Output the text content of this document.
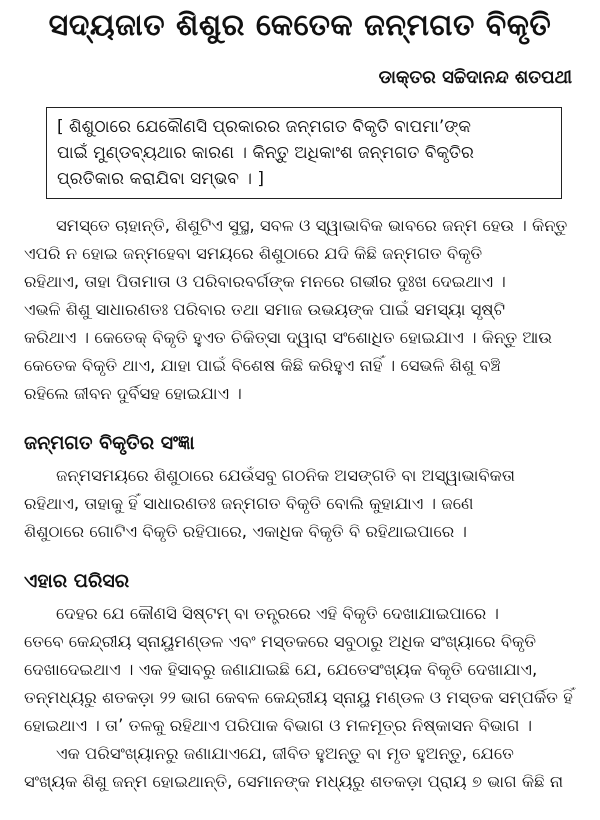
ସଦ୍ୟଜାତ ଶିଶୁର କେତେକ ଜନ୍ମଗତ ବିକୃତି
ଡାକ୍ତର ସଚ୍ଚିଦାନନ୍ଦ ଶତପଥୀ
[ ଶିଶୁଠାରେ ଯେକୌଣସି ପ୍ରକାରର ଜନ୍ମଗତ ବିକୃତି ବାପମା’ଙ୍କ
ପାଇଁ ମୁଣ୍ଡବ୍ୟଥାର କାରଣ । କିନ୍ତୁ ଅଧିକାଂଶ ଜନ୍ମଗତ ବିକୃତିର
ପ୍ରତିକାର କରାଯିବା ସମ୍ଭବ । ]
ସମସ୍ତେ ଚାହାନ୍ତି, ଶିଶୁଟିଏ ସୁସ୍ଥ, ସବଳ ଓ ସ୍ୱାଭାବିକ ଭାବରେ ଜନ୍ମ ହେଉ । କିନ୍ତୁ
ଏପରି ନ ହୋଇ ଜନ୍ମହେବା ସମୟରେ ଶିଶୁଠାରେ ଯଦି କିଛି ଜନ୍ମଗତ ବିକୃତି
ରହିଥାଏ, ତାହା ପିତାମାତା ଓ ପରିବାରବର୍ଗଙ୍କ ମନରେ ଗଭୀର ଦୁଃଖ ଦେଇଥାଏ ।
ଏଭଳି ଶିଶୁ ସାଧାରଣତଃ ପରିବାର ତଥା ସମାଜ ଉଭୟଙ୍କ ପାଇଁ ସମସ୍ୟା ସୃଷ୍ଟି
କରିଥାଏ । କେତେକ୍ ବିକୃତି ହୁଏତ ଚିକିତ୍ସା ଦ୍ୱାରା ସଂଶୋଧିତ ହୋଇଯାଏ । କିନ୍ତୁ ଆଉ
କେତେକ ବିକୃତି ଥାଏ, ଯାହା ପାଇଁ ବିଶେଷ କିଛି କରିହୁଏ ନାହିଁ । ସେଭଳି ଶିଶୁ ବଞ୍ଚି
ରହିଲେ ଜୀବନ ଦୁର୍ବିସହ ହୋଇଯାଏ ।
ଜନ୍ମଗତ ବିକୃତିର ସଂଜ୍ଞା
ଜନ୍ମସମୟରେ ଶିଶୁଠାରେ ଯେଉଁସବୁ ଗଠନିକ ଅସଙ୍ଗତି ବା ଅସ୍ୱାଭାବିକତା
ରହିଥାଏ, ତାହାକୁ ହିଁ ସାଧାରଣତଃ ଜନ୍ମଗତ ବିକୃତି ବୋଲି କୁହାଯାଏ । ଜଣେ
ଶିଶୁଠାରେ ଗୋଟିଏ ବିକୃତି ରହିପାରେ, ଏକାଧିକ ବିକୃତି ବି ରହିଥାଇପାରେ ।
ଏହାର ପରିସର
ଦେହର ଯେ କୌଣସି ସିଷ୍ଟମ୍ ବା ତନ୍ତ୍ରରେ ଏହି ବିକୃତି ଦେଖାଯାଇପାରେ ।
ତେବେ କେନ୍ଦ୍ରୀୟ ସ୍ନାୟୁମଣ୍ଡଳ ଏବଂ ମସ୍ତକରେ ସବୁଠାରୁ ଅଧିକ ସଂଖ୍ୟାରେ ବିକୃତି
ଦେଖାଦେଇଥାଏ । ଏକ ହିସାବରୁ ଜଣାଯାଇଛି ଯେ, ଯେତେସଂଖ୍ୟକ ବିକୃତି ଦେଖାଯାଏ,
ତନ୍ମଧ୍ୟରୁ ଶତକଡ଼ା ୨୨ ଭାଗ କେବଳ କେନ୍ଦ୍ରୀୟ ସ୍ନାୟୁ ମଣ୍ଡଳ ଓ ମସ୍ତକ ସମ୍ପର୍କିତ ହିଁ
ହୋଇଥାଏ । ତା’ ତଳକୁ ରହିଥାଏ ପରିପାକ ବିଭାଗ ଓ ମଳମୂତ୍ର ନିଷ୍କାସନ ବିଭାଗ ।
ଏକ ପରିସଂଖ୍ୟାନରୁ ଜଣାଯାଏଯେ, ଜୀବିତ ହୁଅନ୍ତୁ ବା ମୃତ ହୁଅନ୍ତୁ, ଯେତେ
ସଂଖ୍ୟକ ଶିଶୁ ଜନ୍ମ ହୋଇଥାନ୍ତି, ସେମାନଙ୍କ ମଧ୍ୟରୁ ଶତକଡ଼ା ପ୍ରାୟ ୭ ଭାଗ କିଛି ନା
